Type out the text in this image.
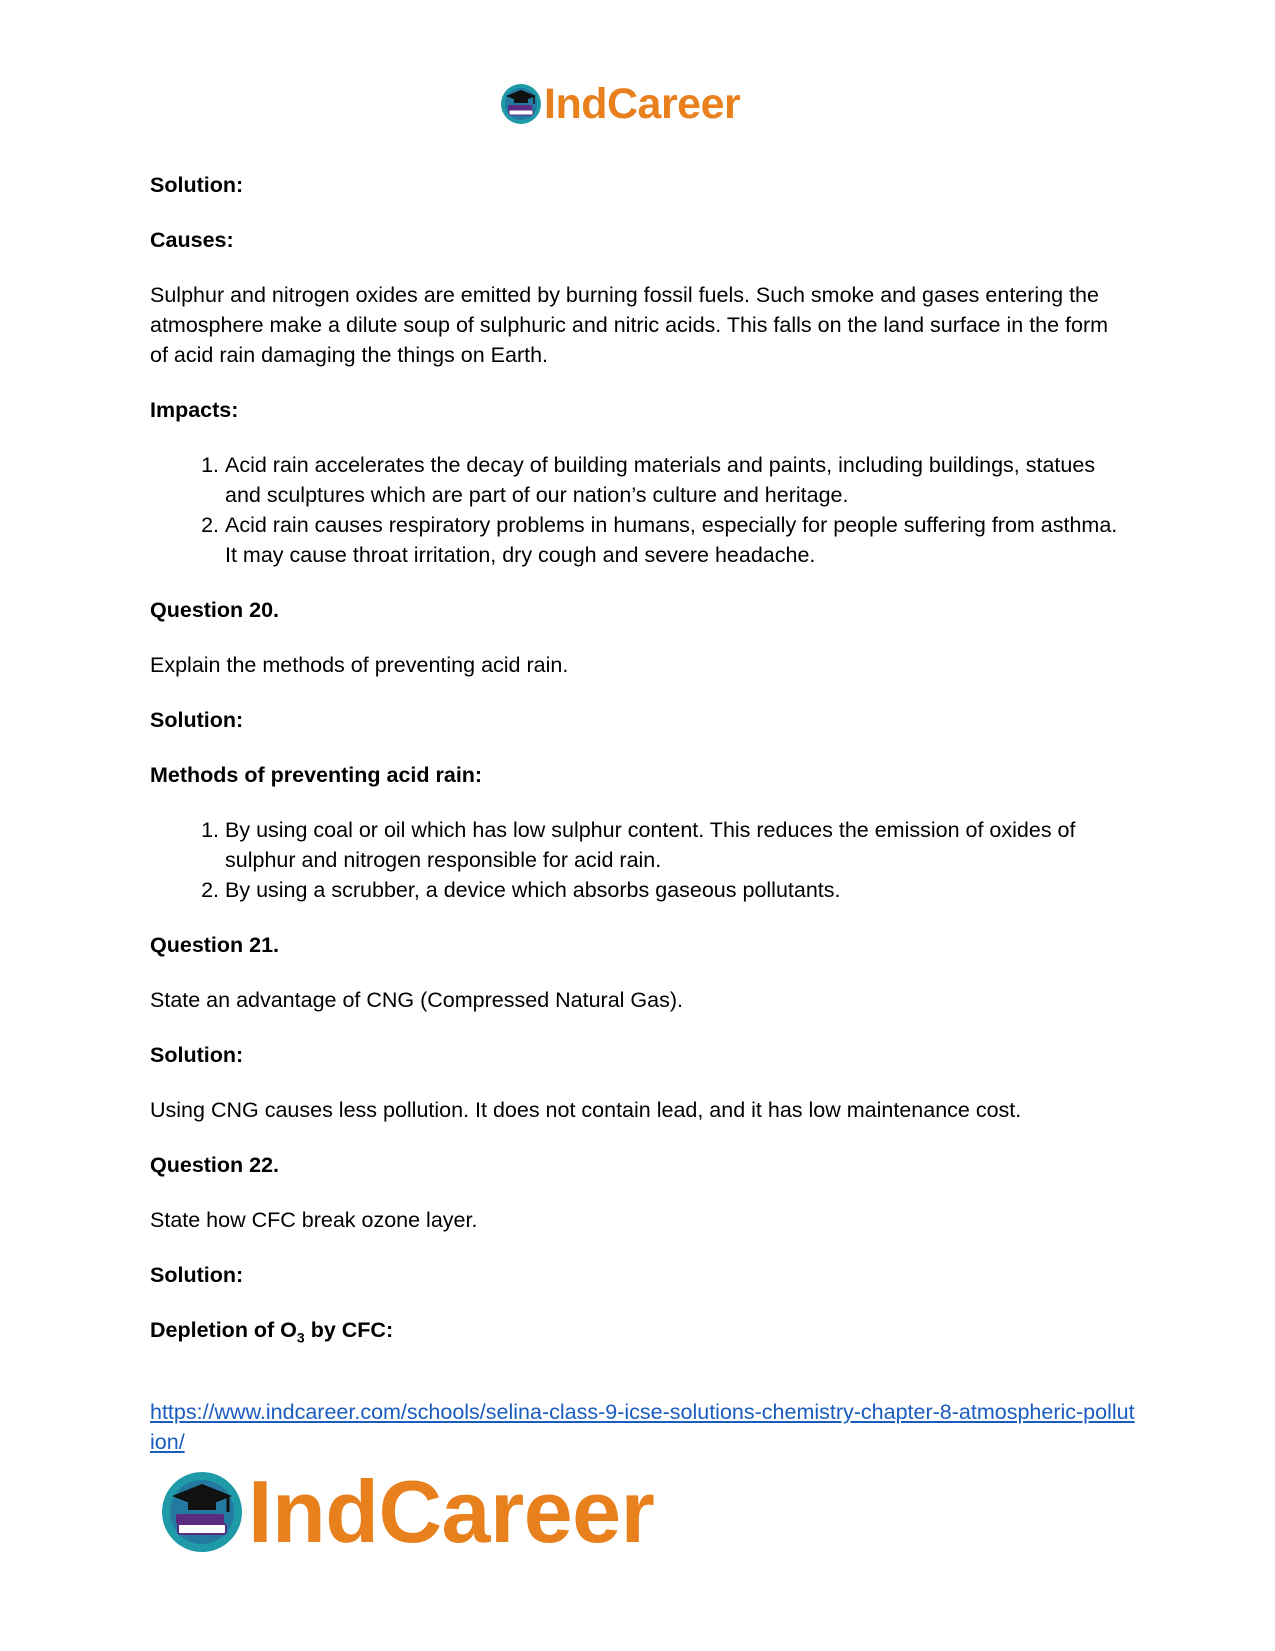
IndCareer

Solution:

Causes:

Sulphur and nitrogen oxides are emitted by burning fossil fuels. Such smoke and gases entering the atmosphere make a dilute soup of sulphuric and nitric acids. This falls on the land surface in the form of acid rain damaging the things on Earth.

Impacts:

1. Acid rain accelerates the decay of building materials and paints, including buildings, statues and sculptures which are part of our nation’s culture and heritage.
2. Acid rain causes respiratory problems in humans, especially for people suffering from asthma. It may cause throat irritation, dry cough and severe headache.

Question 20.

Explain the methods of preventing acid rain.

Solution:

Methods of preventing acid rain:

1. By using coal or oil which has low sulphur content. This reduces the emission of oxides of sulphur and nitrogen responsible for acid rain.
2. By using a scrubber, a device which absorbs gaseous pollutants.

Question 21.

State an advantage of CNG (Compressed Natural Gas).

Solution:

Using CNG causes less pollution. It does not contain lead, and it has low maintenance cost.

Question 22.

State how CFC break ozone layer.

Solution:

Depletion of $O_3$ by CFC:

https://www.indcareer.com/schools/selina-class-9-icse-solutions-chemistry-chapter-8-atmospheric-pollution/
IndCareer
